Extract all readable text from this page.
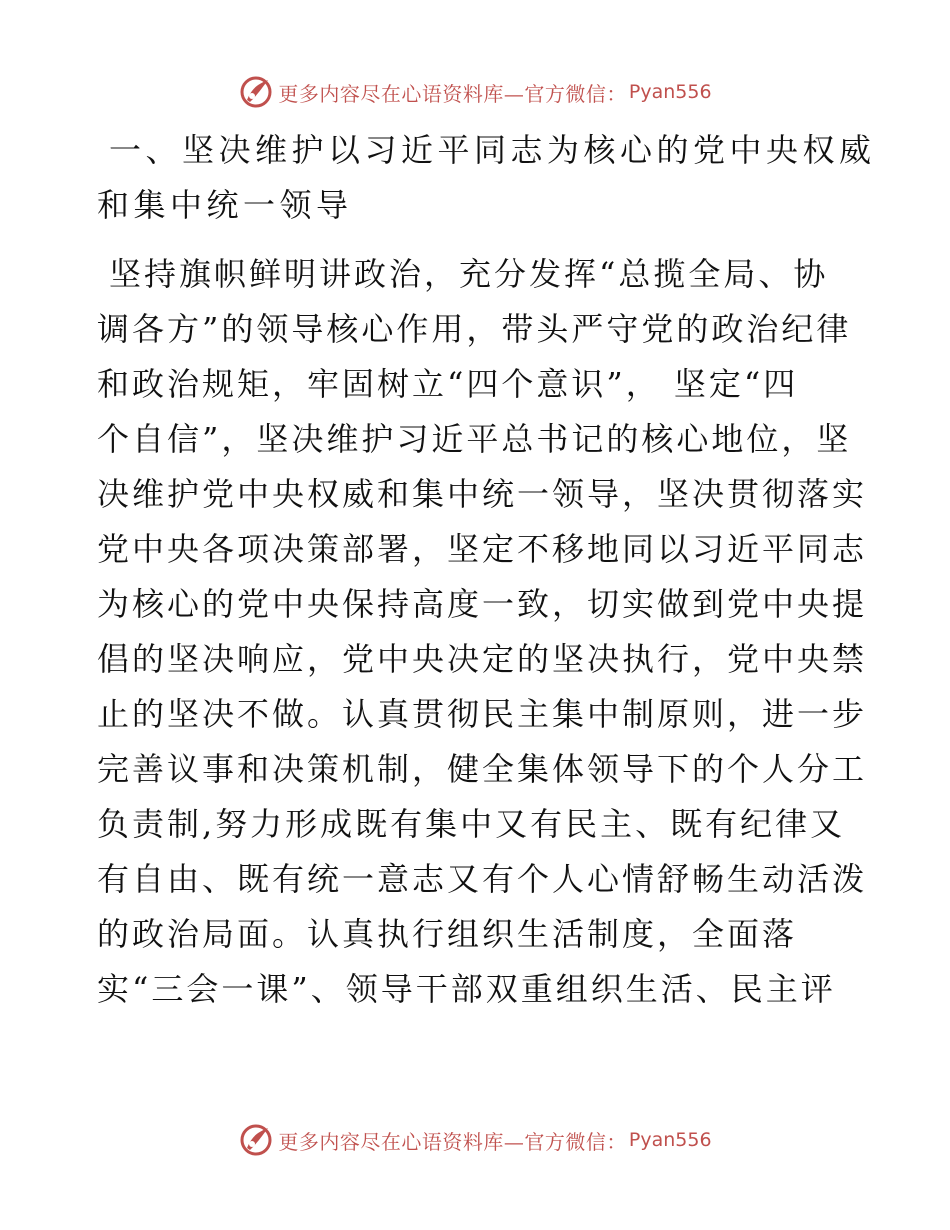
更多内容尽在心语资料库—官方微信： Pyan556
一、坚决维护以习近平同志为核心的党中央权威
和集中统一领导
坚持旗帜鲜明讲政治，充分发挥“总揽全局、协
调各方”的领导核心作用，带头严守党的政治纪律
和政治规矩，牢固树立“四个意识”， 坚定“四
个自信”，坚决维护习近平总书记的核心地位，坚
决维护党中央权威和集中统一领导，坚决贯彻落实
党中央各项决策部署，坚定不移地同以习近平同志
为核心的党中央保持高度一致，切实做到党中央提
倡的坚决响应，党中央决定的坚决执行，党中央禁
止的坚决不做。认真贯彻民主集中制原则，进一步
完善议事和决策机制，健全集体领导下的个人分工
负责制,努力形成既有集中又有民主、既有纪律又
有自由、既有统一意志又有个人心情舒畅生动活泼
的政治局面。认真执行组织生活制度，全面落
实“三会一课”、领导干部双重组织生活、民主评
更多内容尽在心语资料库—官方微信： Pyan556
